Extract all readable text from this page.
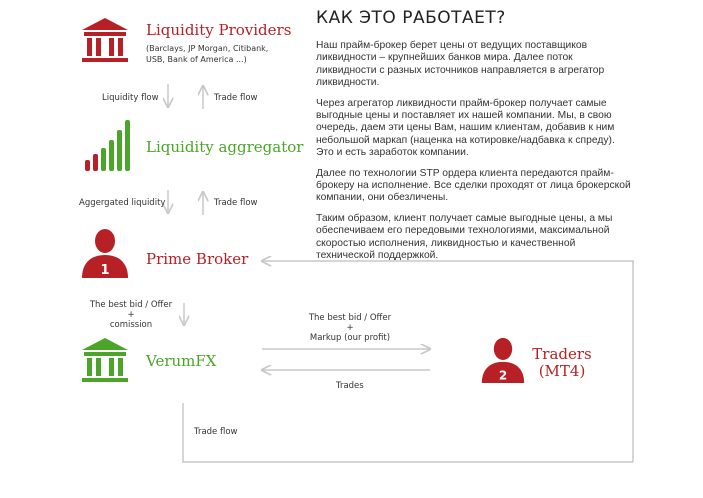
Liquidity Providers
(Barclays, JP Morgan, Citibank,
USB, Bank of America ...)
Liquidity flow	Trade flow
Liquidity aggregator
Aggergated liquidity	Trade flow
1
Prime Broker
The best bid / Offer
+
comission
VerumFX
The best bid / Offer
+
Markup (our profit)
Trades
Trade flow
2
Traders
(MT4)
КАК ЭТО РАБОТАЕТ?

Наш прайм-брокер берет цены от ведущих поставщиков ликвидности – крупнейших банков мира. Далее поток ликвидности с разных источников направляется в агрегатор ликвидности.

Через агрегатор ликвидности прайм-брокер получает самые выгодные цены и поставляет их нашей компании. Мы, в свою очередь, даем эти цены Вам, нашим клиентам, добавив к ним небольшой маркап (наценка на котировке/надбавка к спреду). Это и есть заработок компании.

Далее по технологии STP ордера клиента передаются прайм-брокеру на исполнение. Все сделки проходят от лица брокерской компании, они обезличены.

Таким образом, клиент получает самые выгодные цены, а мы обеспечиваем его передовыми технологиями, максимальной скоростью исполнения, ликвидностью и качественной технической поддержкой.
